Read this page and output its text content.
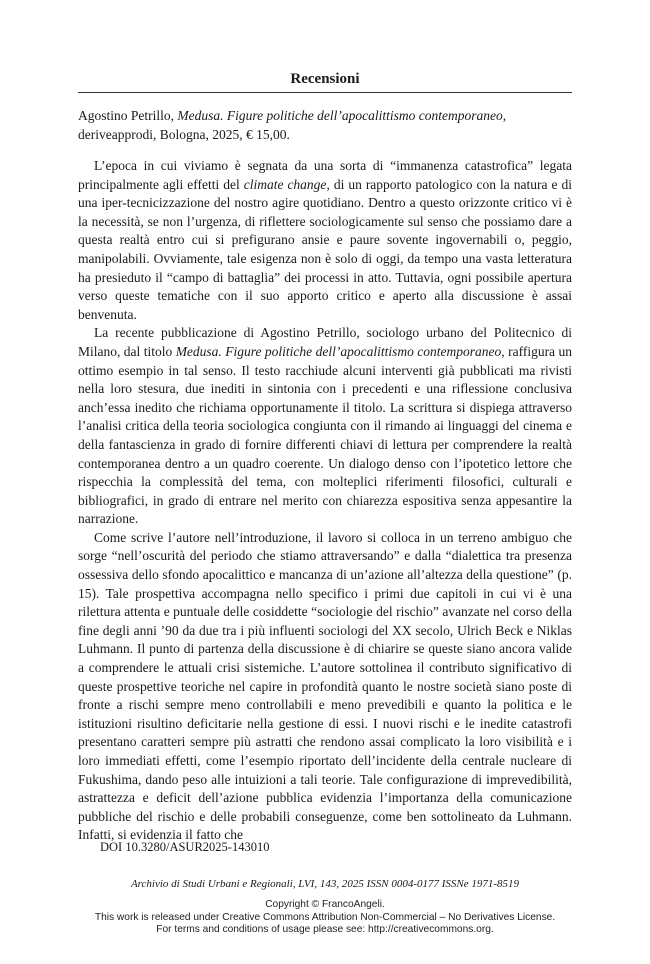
Recensioni
Agostino Petrillo, Medusa. Figure politiche dell’apocalittismo contemporaneo, deriveapprodi, Bologna, 2025, € 15,00.

L’epoca in cui viviamo è segnata da una sorta di “immanenza catastrofica” legata principalmente agli effetti del climate change, di un rapporto patologico con la natura e di una iper-tecnicizzazione del nostro agire quotidiano. Dentro a questo orizzonte critico vi è la necessità, se non l’urgenza, di riflettere sociologicamente sul senso che possiamo dare a questa realtà entro cui si prefigurano ansie e paure sovente ingovernabili o, peggio, manipolabili. Ovviamente, tale esigenza non è solo di oggi, da tempo una vasta letteratura ha presieduto il “campo di battaglia” dei processi in atto. Tuttavia, ogni possibile apertura verso queste tematiche con il suo apporto critico e aperto alla discussione è assai benvenuta.

La recente pubblicazione di Agostino Petrillo, sociologo urbano del Politecnico di Milano, dal titolo Medusa. Figure politiche dell’apocalittismo contemporaneo, raffigura un ottimo esempio in tal senso. Il testo racchiude alcuni interventi già pubblicati ma rivisti nella loro stesura, due inediti in sintonia con i precedenti e una riflessione conclusiva anch’essa inedito che richiama opportunamente il titolo. La scrittura si dispiega attraverso l’analisi critica della teoria sociologica congiunta con il rimando ai linguaggi del cinema e della fantascienza in grado di fornire differenti chiavi di lettura per comprendere la realtà contemporanea dentro a un quadro coerente. Un dialogo denso con l’ipotetico lettore che rispecchia la complessità del tema, con molteplici riferimenti filosofici, culturali e bibliografici, in grado di entrare nel merito con chiarezza espositiva senza appesantire la narrazione.

Come scrive l’autore nell’introduzione, il lavoro si colloca in un terreno ambiguo che sorge “nell’oscurità del periodo che stiamo attraversando” e dalla “dialettica tra presenza ossessiva dello sfondo apocalittico e mancanza di un’azione all’altezza della questione” (p. 15). Tale prospettiva accompagna nello specifico i primi due capitoli in cui vi è una rilettura attenta e puntuale delle cosiddette “sociologie del rischio” avanzate nel corso della fine degli anni ’90 da due tra i più influenti sociologi del XX secolo, Ulrich Beck e Niklas Luhmann. Il punto di partenza della discussione è di chiarire se queste siano ancora valide a comprendere le attuali crisi sistemiche. L’autore sottolinea il contributo significativo di queste prospettive teoriche nel capire in profondità quanto le nostre società siano poste di fronte a rischi sempre meno controllabili e meno prevedibili e quanto la politica e le istituzioni risultino deficitarie nella gestione di essi. I nuovi rischi e le inedite catastrofi presentano caratteri sempre più astratti che rendono assai complicato la loro visibilità e i loro immediati effetti, come l’esempio riportato dell’incidente della centrale nucleare di Fukushima, dando peso alle intuizioni a tali teorie. Tale configurazione di imprevedibilità, astrattezza e deficit dell’azione pubblica evidenzia l’importanza della comunicazione pubbliche del rischio e delle probabili conseguenze, come ben sottolineato da Luhmann. Infatti, si evidenzia il fatto che

DOI 10.3280/ASUR2025-143010
Archivio di Studi Urbani e Regionali, LVI, 143, 2025 ISSN 0004-0177 ISSNe 1971-8519
Copyright © FrancoAngeli.
This work is released under Creative Commons Attribution Non-Commercial – No Derivatives License.
For terms and conditions of usage please see: http://creativecommons.org.
